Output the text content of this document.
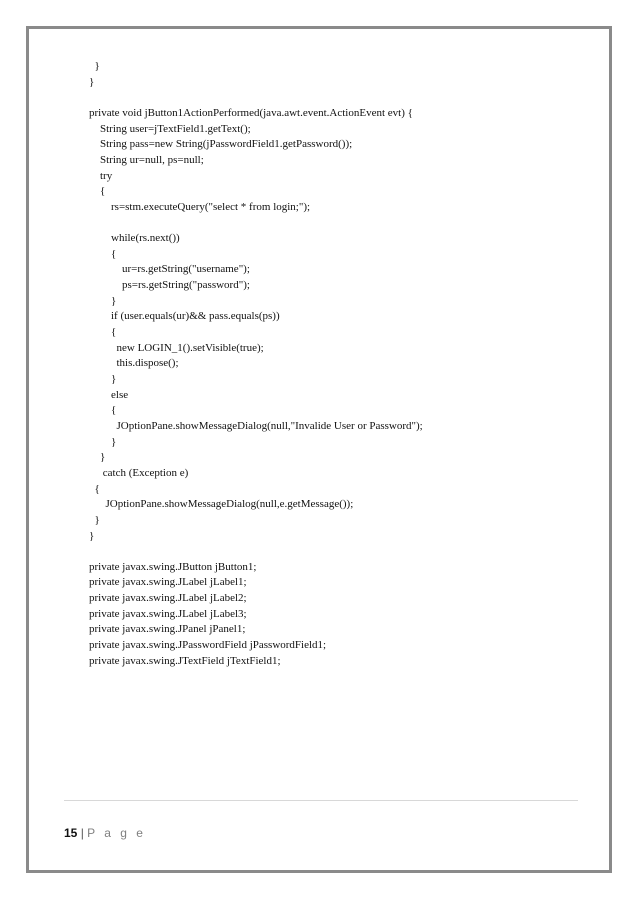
}
}
private void jButton1ActionPerformed(java.awt.event.ActionEvent evt) {
String user=jTextField1.getText();
String pass=new String(jPasswordField1.getPassword());
String ur=null, ps=null;
try
{
rs=stm.executeQuery("select * from login;");
while(rs.next())
{
ur=rs.getString("username");
ps=rs.getString("password");
}
if (user.equals(ur)&& pass.equals(ps))
{
new LOGIN_1().setVisible(true);
this.dispose();
}
else
{
JOptionPane.showMessageDialog(null,"Invalide User or Password");
}
}
catch (Exception e)
{
JOptionPane.showMessageDialog(null,e.getMessage());
}
}
private javax.swing.JButton jButton1;
private javax.swing.JLabel jLabel1;
private javax.swing.JLabel jLabel2;
private javax.swing.JLabel jLabel3;
private javax.swing.JPanel jPanel1;
private javax.swing.JPasswordField jPasswordField1;
private javax.swing.JTextField jTextField1;
15 | P a g e
